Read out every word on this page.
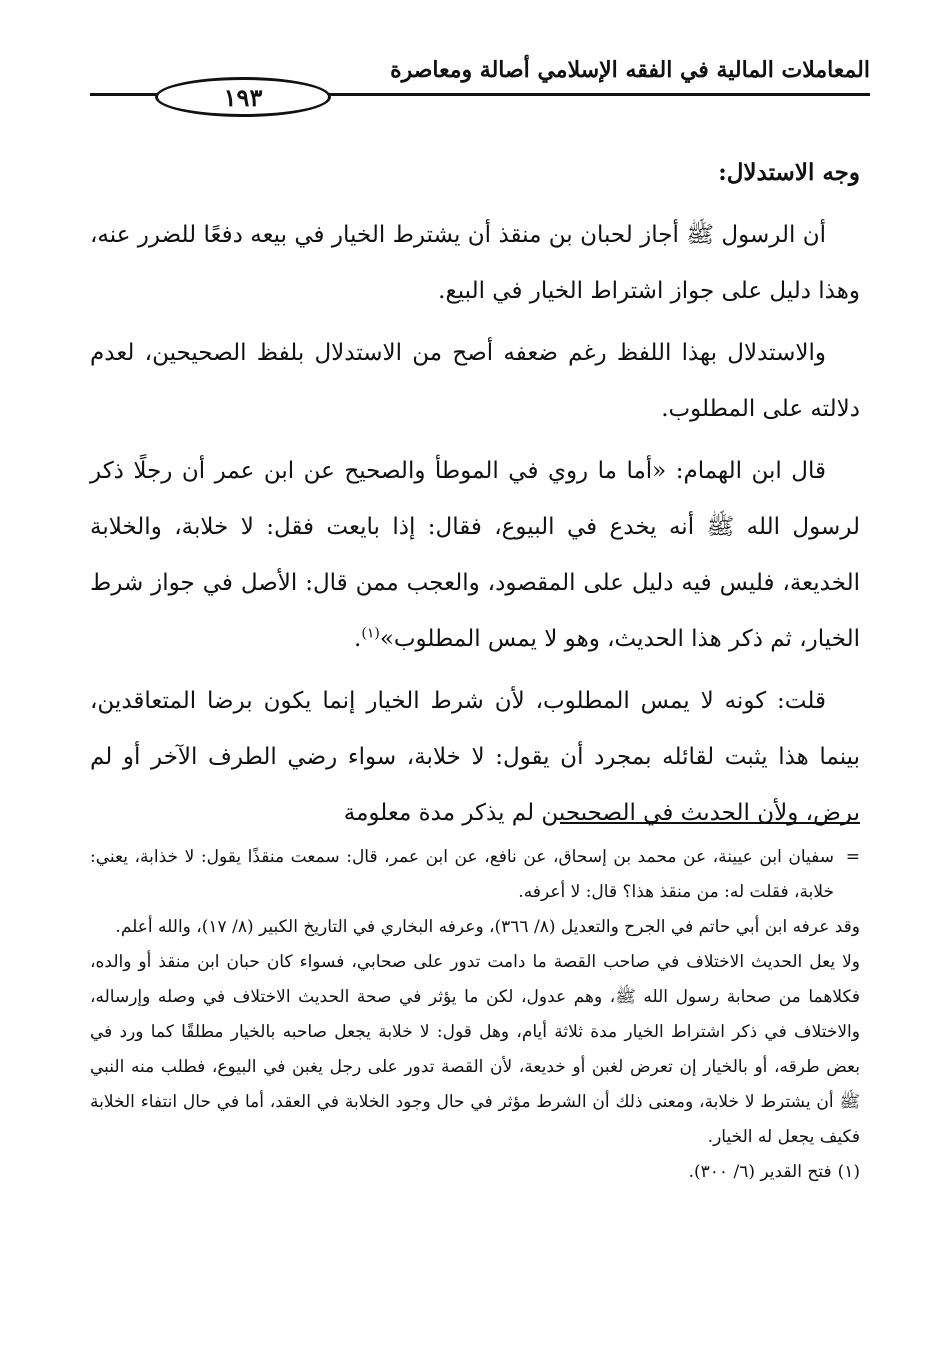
المعاملات المالية في الفقه الإسلامي أصالة ومعاصرة
١٩٣

وجه الاستدلال:

أن الرسول ﷺ أجاز لحبان بن منقذ أن يشترط الخيار في بيعه دفعًا للضرر عنه، وهذا دليل على جواز اشتراط الخيار في البيع.

والاستدلال بهذا اللفظ رغم ضعفه أصح من الاستدلال بلفظ الصحيحين، لعدم دلالته على المطلوب.

قال ابن الهمام: «أما ما روي في الموطأ والصحيح عن ابن عمر أن رجلًا ذكر لرسول الله ﷺ أنه يخدع في البيوع، فقال: إذا بايعت فقل: لا خلابة، والخلابة الخديعة، فليس فيه دليل على المقصود، والعجب ممن قال: الأصل في جواز شرط الخيار، ثم ذكر هذا الحديث، وهو لا يمس المطلوب»$^{(١)}$.

قلت: كونه لا يمس المطلوب، لأن شرط الخيار إنما يكون برضا المتعاقدين، بينما هذا يثبت لقائله بمجرد أن يقول: لا خلابة، سواء رضي الطرف الآخر أو لم يرض، ولأن الحديث في الصحيحين لم يذكر مدة معلومة

=
سفيان ابن عيينة، عن محمد بن إسحاق، عن نافع، عن ابن عمر، قال: سمعت منقذًا يقول: لا خذابة، يعني: خلابة، فقلت له: من منقذ هذا؟ قال: لا أعرفه.

وقد عرفه ابن أبي حاتم في الجرح والتعديل (٨/ ٣٦٦)، وعرفه البخاري في التاريخ الكبير (٨/ ١٧)، والله أعلم.

ولا يعل الحديث الاختلاف في صاحب القصة ما دامت تدور على صحابي، فسواء كان حبان ابن منقذ أو والده، فكلاهما من صحابة رسول الله ﷺ، وهم عدول، لكن ما يؤثر في صحة الحديث الاختلاف في وصله وإرساله، والاختلاف في ذكر اشتراط الخيار مدة ثلاثة أيام، وهل قول: لا خلابة يجعل صاحبه بالخيار مطلقًا كما ورد في بعض طرقه، أو بالخيار إن تعرض لغبن أو خديعة، لأن القصة تدور على رجل يغبن في البيوع، فطلب منه النبي ﷺ أن يشترط لا خلابة، ومعنى ذلك أن الشرط مؤثر في حال وجود الخلابة في العقد، أما في حال انتفاء الخلابة فكيف يجعل له الخيار.

(١)
فتح القدير (٦/ ٣٠٠).
